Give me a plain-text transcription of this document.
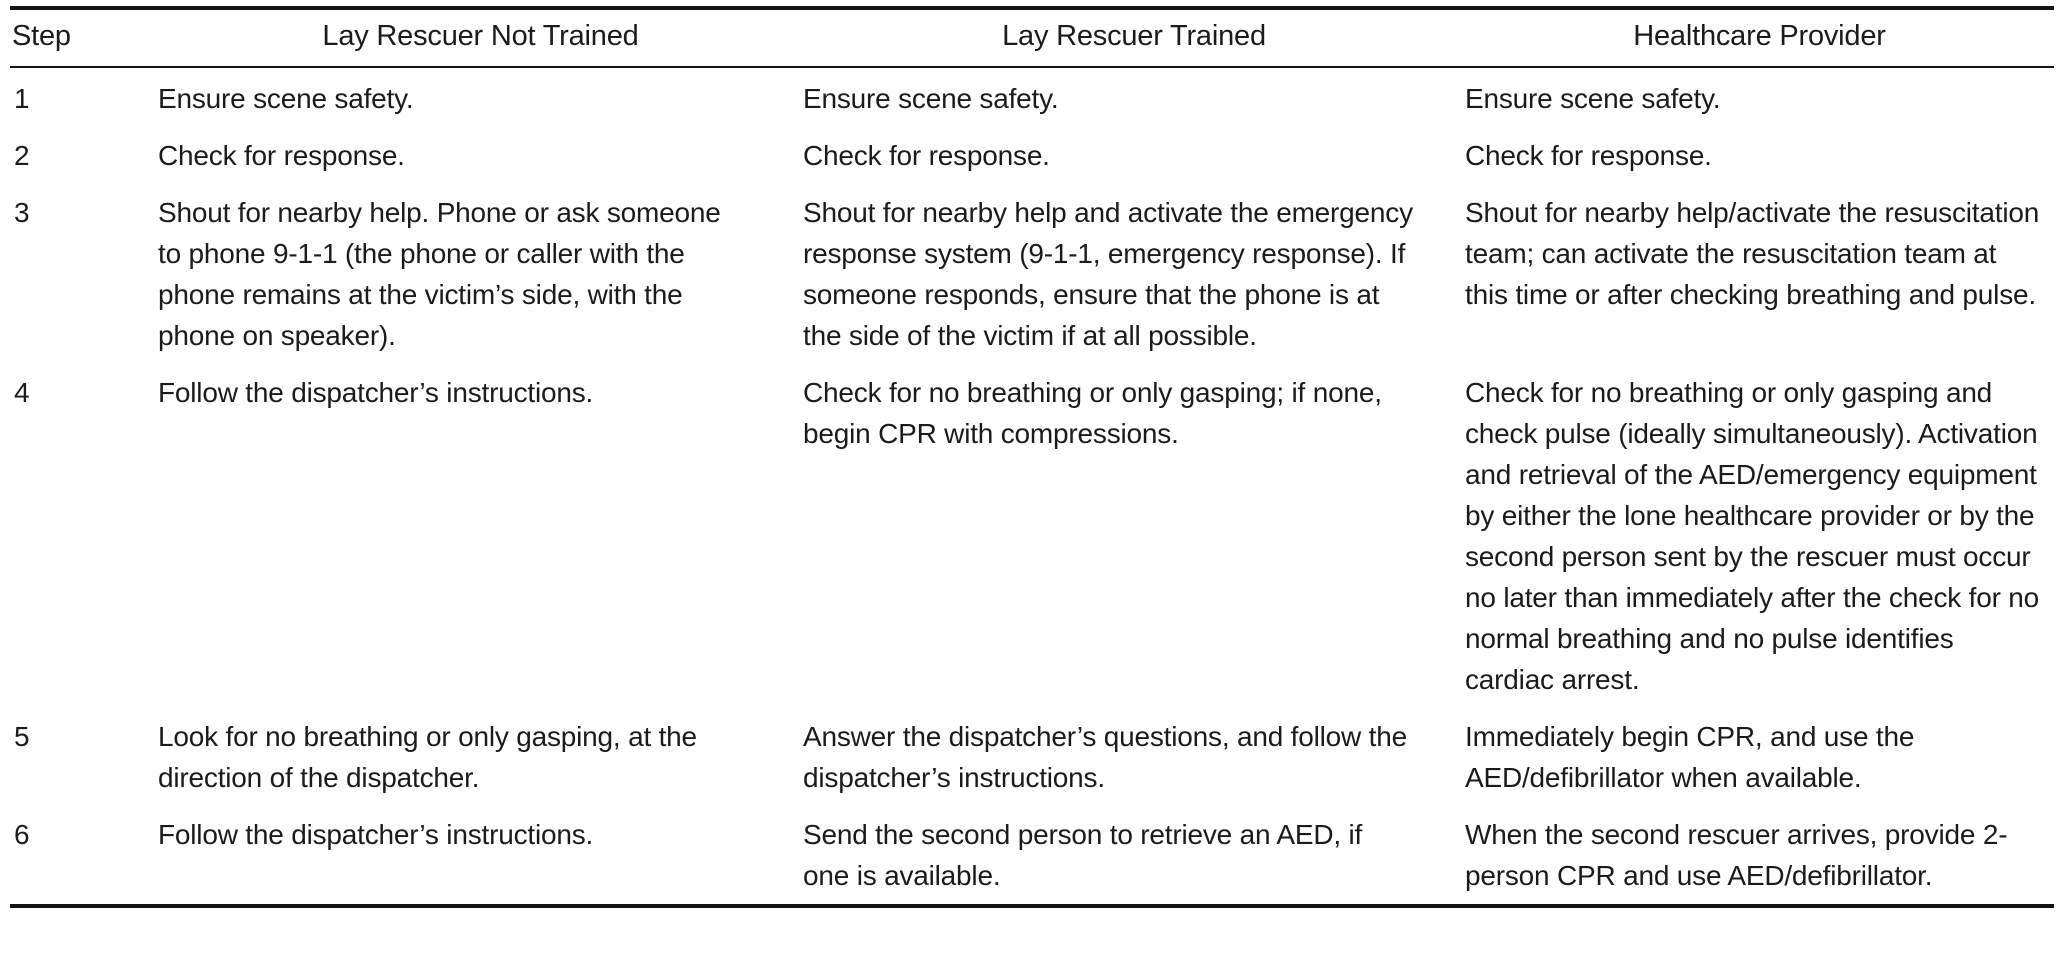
Step	Lay Rescuer Not Trained	Lay Rescuer Trained	Healthcare Provider
1	Ensure scene safety.	Ensure scene safety.	Ensure scene safety.
2	Check for response.	Check for response.	Check for response.
3	Shout for nearby help. Phone or ask someone to phone 9-1-1 (the phone or caller with the phone remains at the victim’s side, with the phone on speaker).	Shout for nearby help and activate the emergency response system (9-1-1, emergency response). If someone responds, ensure that the phone is at the side of the victim if at all possible.	Shout for nearby help/activate the resuscitation team; can activate the resuscitation team at this time or after checking breathing and pulse.
4	Follow the dispatcher’s instructions.	Check for no breathing or only gasping; if none, begin CPR with compressions.	Check for no breathing or only gasping and check pulse (ideally simultaneously). Activation and retrieval of the AED/emergency equipment by either the lone healthcare provider or by the second person sent by the rescuer must occur no later than immediately after the check for no normal breathing and no pulse identifies cardiac arrest.
5	Look for no breathing or only gasping, at the direction of the dispatcher.	Answer the dispatcher’s questions, and follow the dispatcher’s instructions.	Immediately begin CPR, and use the AED/defibrillator when available.
6	Follow the dispatcher’s instructions.	Send the second person to retrieve an AED, if one is available.	When the second rescuer arrives, provide 2-person CPR and use AED/defibrillator.
